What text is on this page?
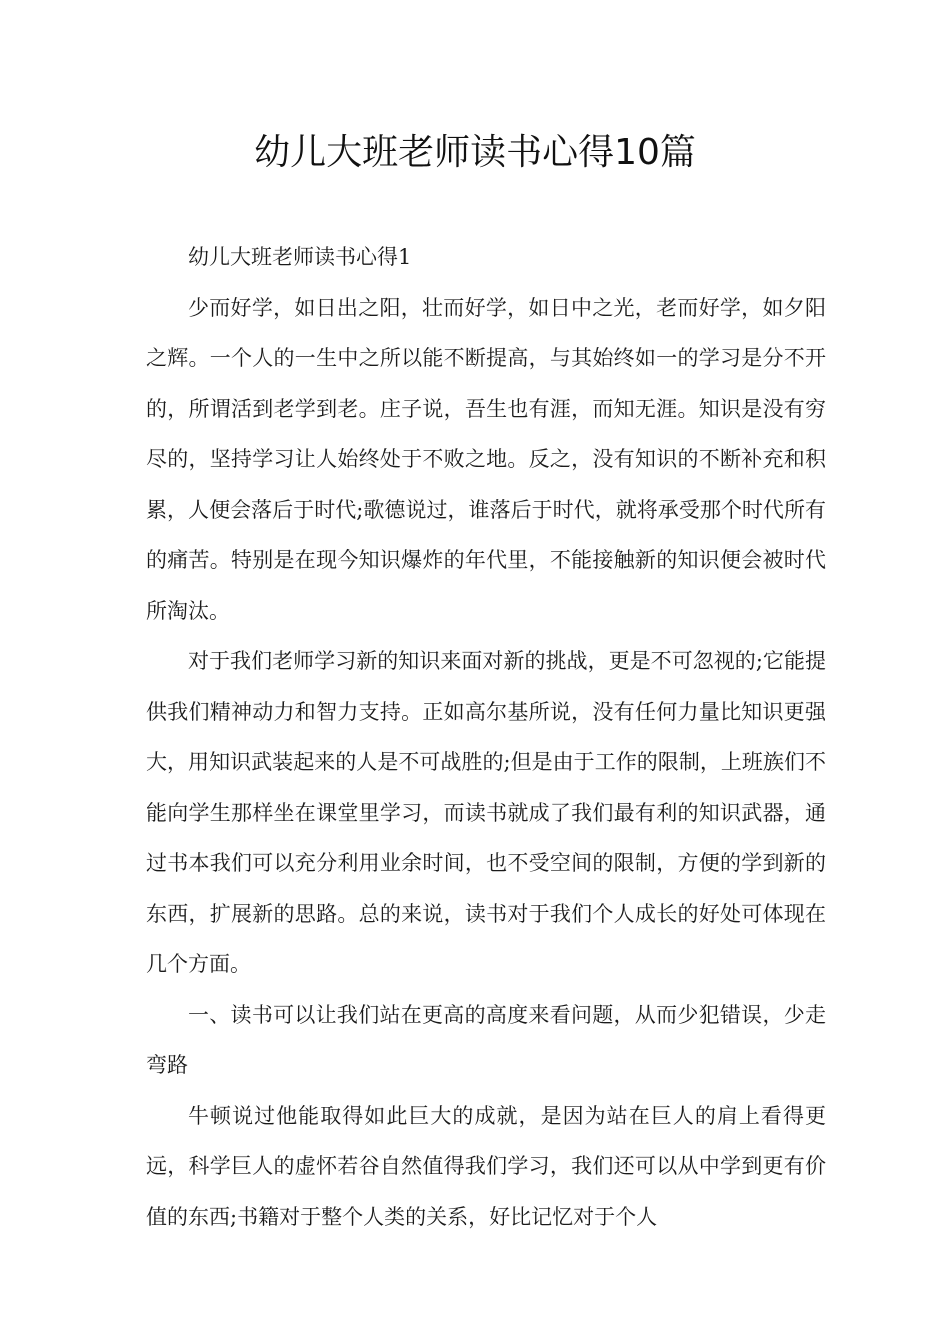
幼儿大班老师读书心得10篇

幼儿大班老师读书心得1

少而好学，如日出之阳，壮而好学，如日中之光，老而好学，如夕阳之辉。一个人的一生中之所以能不断提高，与其始终如一的学习是分不开的，所谓活到老学到老。庄子说，吾生也有涯，而知无涯。知识是没有穷尽的，坚持学习让人始终处于不败之地。反之，没有知识的不断补充和积累，人便会落后于时代;歌德说过，谁落后于时代，就将承受那个时代所有的痛苦。特别是在现今知识爆炸的年代里，不能接触新的知识便会被时代所淘汰。

对于我们老师学习新的知识来面对新的挑战，更是不可忽视的;它能提供我们精神动力和智力支持。正如高尔基所说，没有任何力量比知识更强大，用知识武装起来的人是不可战胜的;但是由于工作的限制，上班族们不能向学生那样坐在课堂里学习，而读书就成了我们最有利的知识武器，通过书本我们可以充分利用业余时间，也不受空间的限制，方便的学到新的东西，扩展新的思路。总的来说，读书对于我们个人成长的好处可体现在几个方面。

一、读书可以让我们站在更高的高度来看问题，从而少犯错误，少走弯路

牛顿说过他能取得如此巨大的成就，是因为站在巨人的肩上看得更远，科学巨人的虚怀若谷自然值得我们学习，我们还可以从中学到更有价值的东西;书籍对于整个人类的关系，好比记忆对于个人
